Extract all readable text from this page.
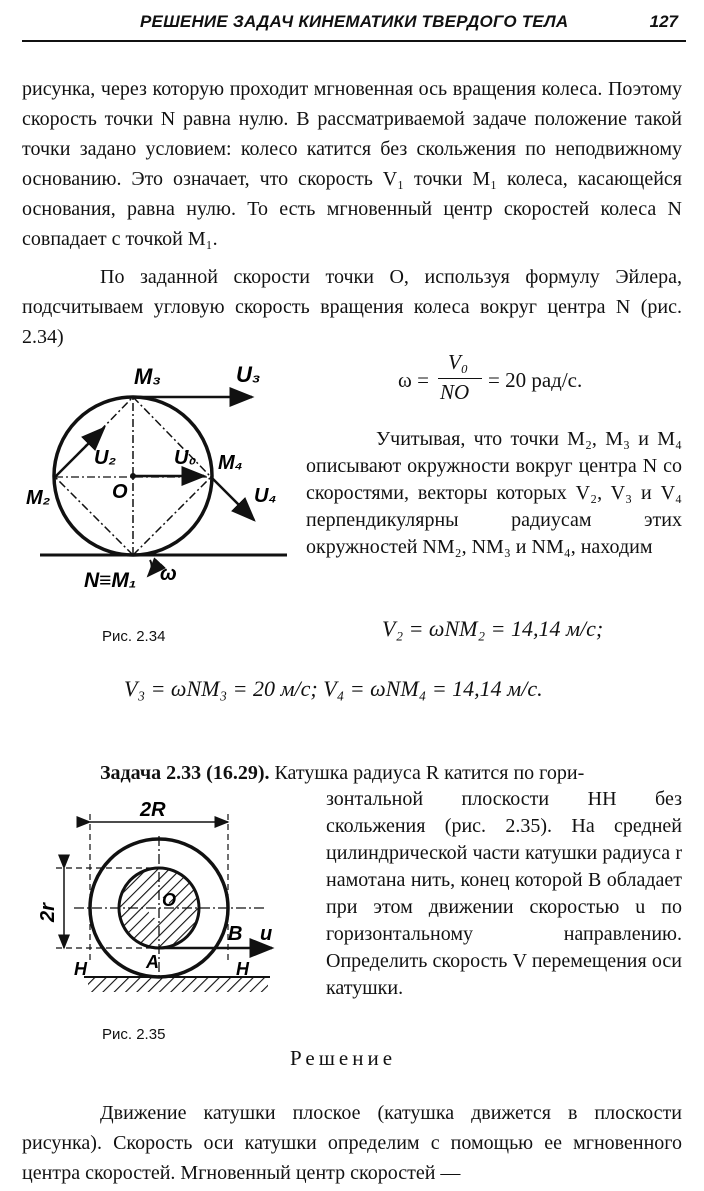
РЕШЕНИЕ ЗАДАЧ КИНЕМАТИКИ ТВЕРДОГО ТЕЛА	127
рисунка, через которую проходит мгновенная ось вращения колеса. Поэтому скорость точки N равна нулю. В рассматриваемой задаче положение такой точки задано условием: колесо катится без скольжения по неподвижному основанию. Это означает, что скорость V₁ точки M₁ колеса, касающейся основания, равна нулю. То есть мгновенный центр скоростей колеса N совпадает с точкой M₁.
По заданной скорости точки O, используя формулу Эйлера, подсчитываем угловую скорость вращения колеса вокруг центра N (рис. 2.34)
M₃	U₃
U₂	U₀ M₄
M₂	O	U₄
N≡M₁ ω
Рис. 2.34
ω =
V₀
NO = 20 рад/с.
Учитывая, что точки M₂, M₃ и M₄ описывают окружности вокруг центра N со скоростями, векторы которых V₂, V₃ и V₄ перпендикулярны радиусам этих окружностей NM₂, NM₃ и NM₄, находим
V₂ = ωNM₂ = 14,14 м/с;
V₃ = ωNM₃ = 20 м/с; V₄ = ωNM₄ = 14,14 м/с.
Задача 2.33 (16.29). Катушка радиуса R катится по гори-
зонтальной плоскости HH без скольжения (рис. 2.35). На средней цилиндрической части катушки радиуса r намотана нить, конец которой B обладает при этом движении скоростью u по горизонтальному направлению. Определить скорость V перемещения оси катушки.
2R
2r
O
B u
A
H	H
Рис. 2.35
Решение
Движение катушки плоское (катушка движется в плоскости рисунка). Скорость оси катушки определим с помощью ее мгновенного центра скоростей. Мгновенный центр скоростей —
